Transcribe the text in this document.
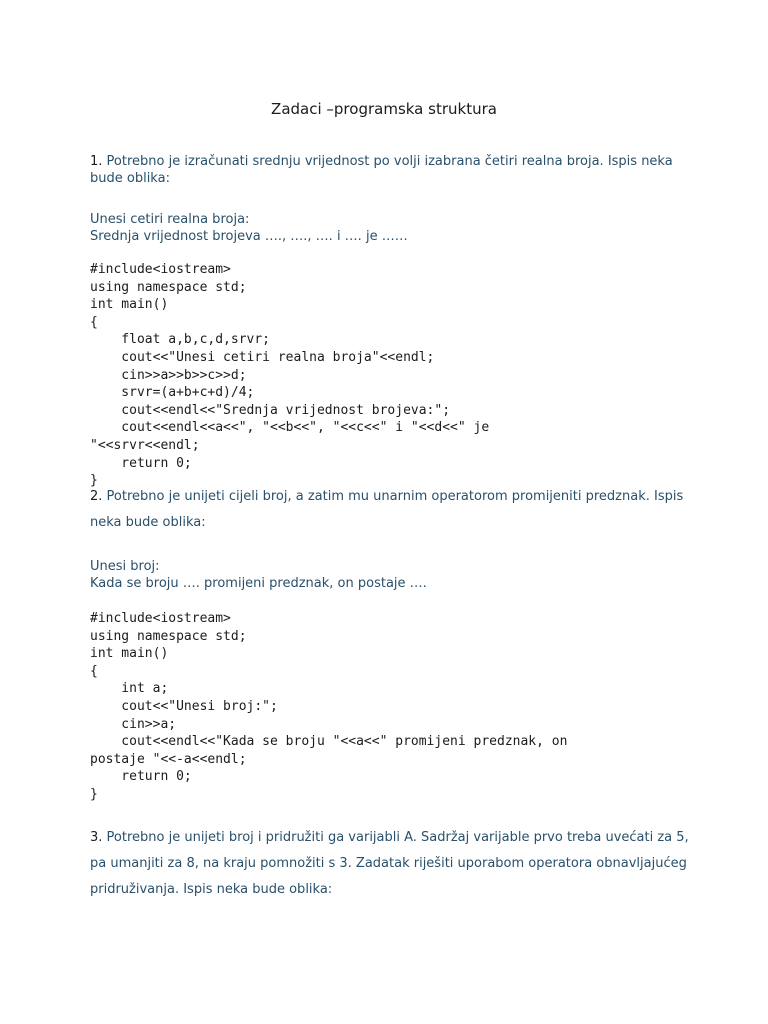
Zadaci –programska struktura
1. Potrebno je izračunati srednju vrijednost po volji izabrana četiri realna broja. Ispis neka bude oblika:
Unesi cetiri realna broja:
Srednja vrijednost brojeva …., …., …. i …. je ……
#include<iostream>
using namespace std;
int main()
{
float a,b,c,d,srvr;
cout<<"Unesi cetiri realna broja"<<endl;
cin>>a>>b>>c>>d;
srvr=(a+b+c+d)/4;
cout<<endl<<"Srednja vrijednost brojeva:";
cout<<endl<<a<<", "<<b<<", "<<c<<" i "<<d<<" je
"<<srvr<<endl;
return 0;
}
2. Potrebno je unijeti cijeli broj, a zatim mu unarnim operatorom promijeniti predznak. Ispis neka bude oblika:
Unesi broj:
Kada se broju …. promijeni predznak, on postaje ….
#include<iostream>
using namespace std;
int main()
{
int a;
cout<<"Unesi broj:";
cin>>a;
cout<<endl<<"Kada se broju "<<a<<" promijeni predznak, on
postaje "<<-a<<endl;
return 0;
}
3. Potrebno je unijeti broj i pridružiti ga varijabli A. Sadržaj varijable prvo treba uvećati za 5, pa umanjiti za 8, na kraju pomnožiti s 3. Zadatak riješiti uporabom operatora obnavljajućeg pridruživanja. Ispis neka bude oblika:
